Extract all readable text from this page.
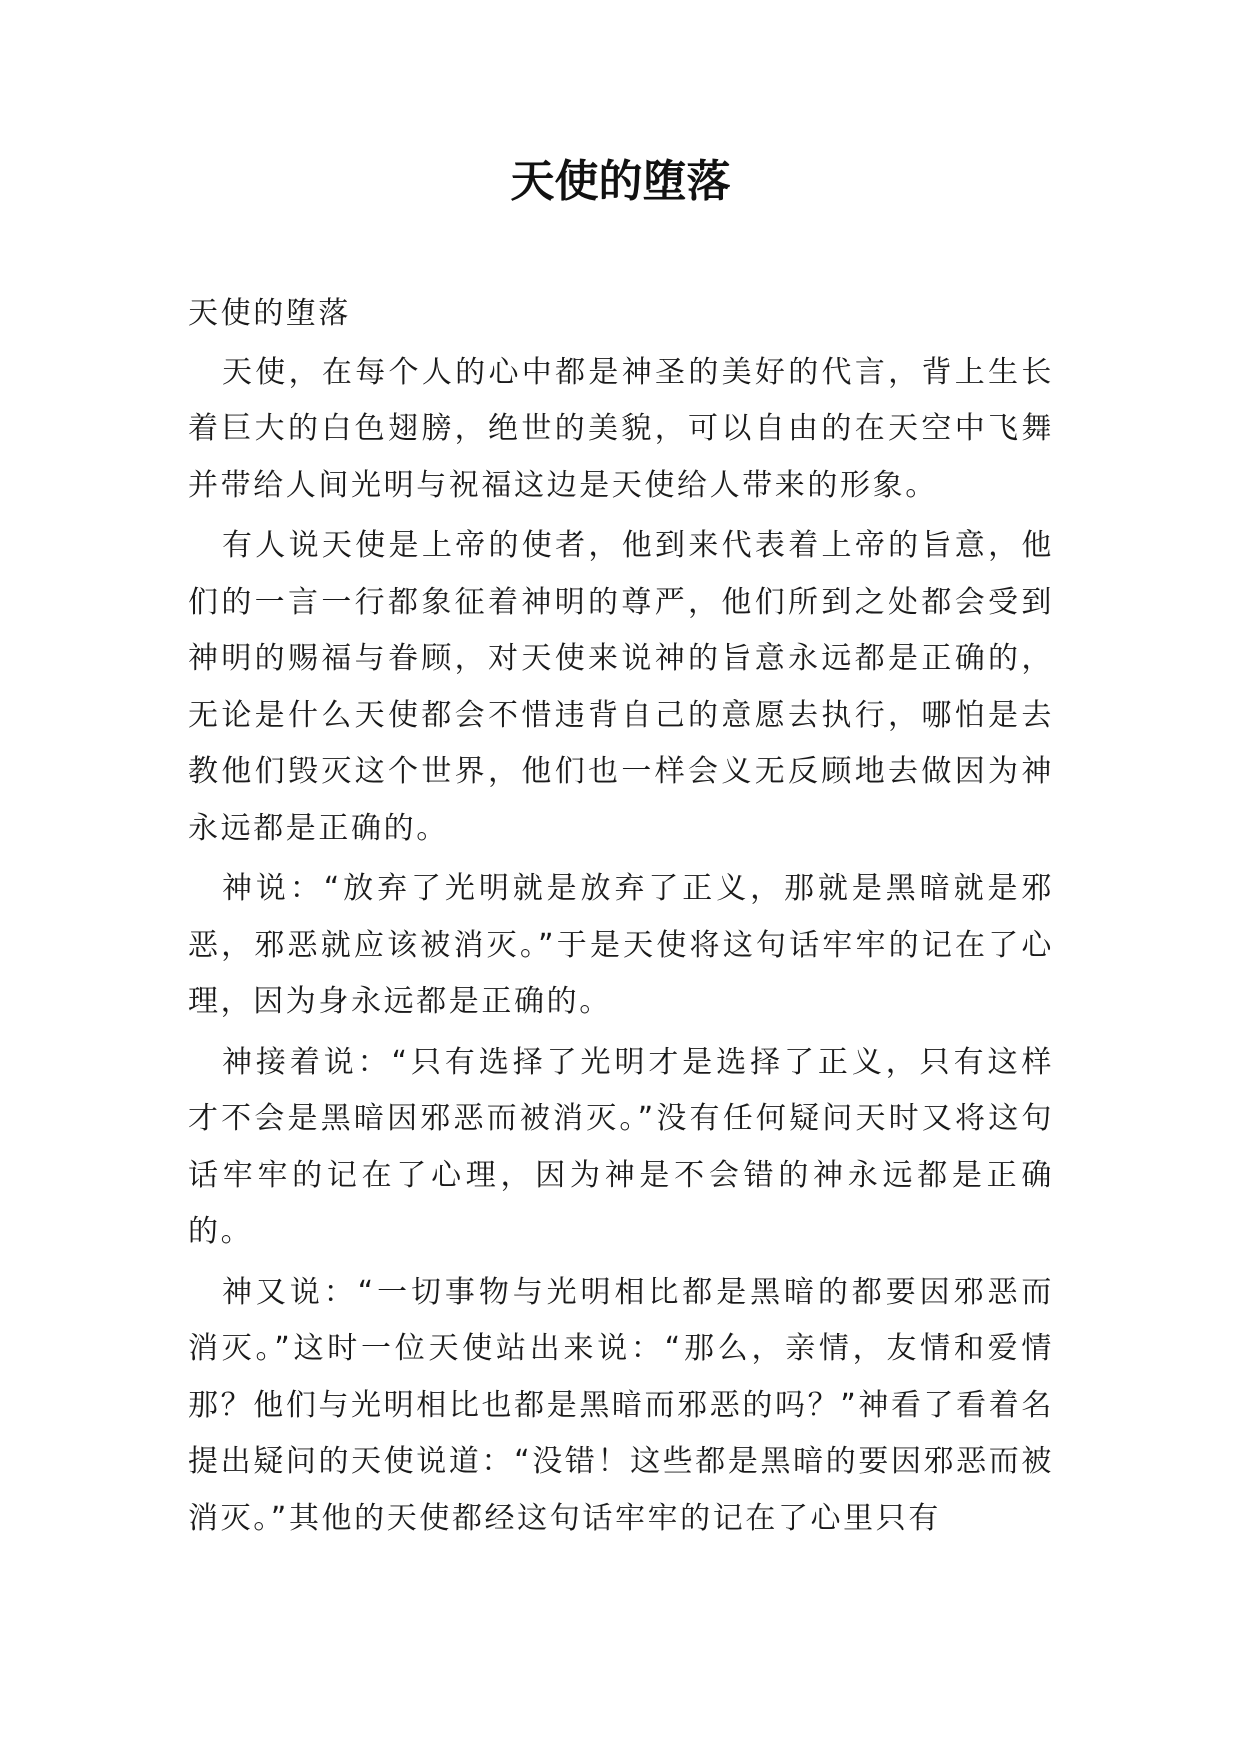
天使的堕落

天使的堕落

天使，在每个人的心中都是神圣的美好的代言，背上生长着巨大的白色翅膀，绝世的美貌，可以自由的在天空中飞舞并带给人间光明与祝福这边是天使给人带来的形象。

有人说天使是上帝的使者，他到来代表着上帝的旨意，他们的一言一行都象征着神明的尊严，他们所到之处都会受到神明的赐福与眷顾，对天使来说神的旨意永远都是正确的，无论是什么天使都会不惜违背自己的意愿去执行，哪怕是去教他们毁灭这个世界，他们也一样会义无反顾地去做因为神永远都是正确的。

神说：“放弃了光明就是放弃了正义，那就是黑暗就是邪恶，邪恶就应该被消灭。”于是天使将这句话牢牢的记在了心理，因为身永远都是正确的。

神接着说：“只有选择了光明才是选择了正义，只有这样才不会是黑暗因邪恶而被消灭。”没有任何疑问天时又将这句话牢牢的记在了心理，因为神是不会错的神永远都是正确的。

神又说：“一切事物与光明相比都是黑暗的都要因邪恶而消灭。”这时一位天使站出来说：“那么，亲情，友情和爱情那？他们与光明相比也都是黑暗而邪恶的吗？”神看了看着名提出疑问的天使说道：“没错！这些都是黑暗的要因邪恶而被消灭。”其他的天使都经这句话牢牢的记在了心里只有
